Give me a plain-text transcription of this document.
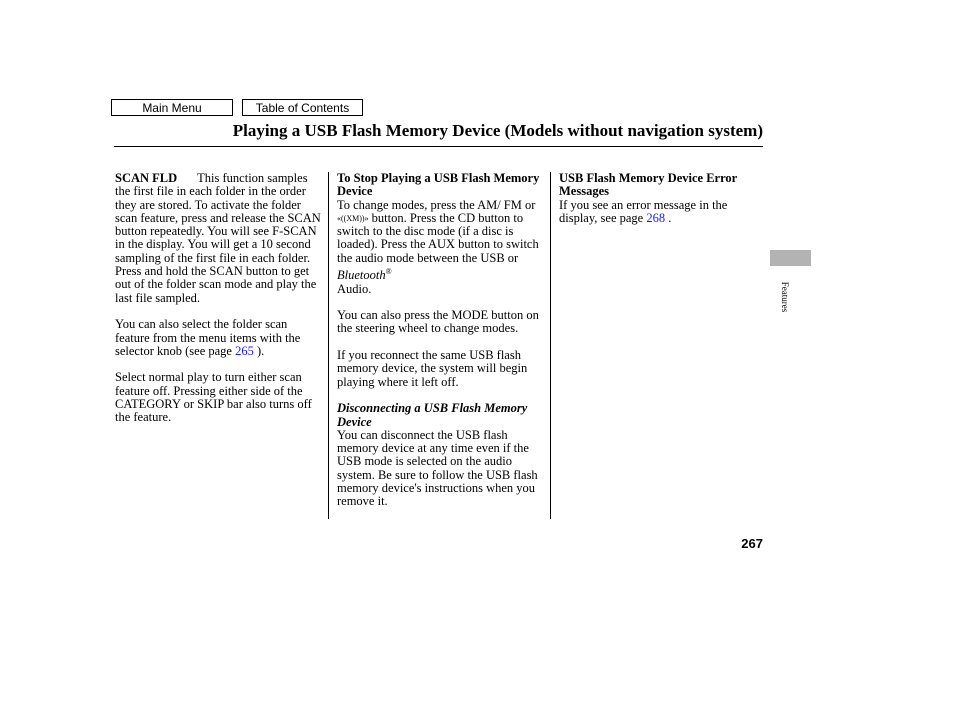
Main Menu	Table of Contents
Playing a USB Flash Memory Device (Models without navigation system)

SCAN FLD This function samples the first file in each folder in the order they are stored. To activate the folder scan feature, press and release the SCAN button repeatedly. You will see F-SCAN in the display. You will get a 10 second sampling of the first file in each folder. Press and hold the SCAN button to get out of the folder scan mode and play the last file sampled.

You can also select the folder scan feature from the menu items with the selector knob (see page 265 ).

Select normal play to turn either scan feature off. Pressing either side of the CATEGORY or SKIP bar also turns off the feature.

To Stop Playing a USB Flash Memory Device

To change modes, press the AM/ FM or «((XM))» button. Press the CD button to switch to the disc mode (if a disc is loaded). Press the AUX button to switch the audio mode between the USB or Bluetooth®
Audio.

You can also press the MODE button on the steering wheel to change modes.

If you reconnect the same USB flash memory device, the system will begin playing where it left off.

Disconnecting a USB Flash Memory Device

You can disconnect the USB flash memory device at any time even if the USB mode is selected on the audio system. Be sure to follow the USB flash memory device's instructions when you remove it.

USB Flash Memory Device Error Messages

If you see an error message in the display, see page 268 .

Features
267
